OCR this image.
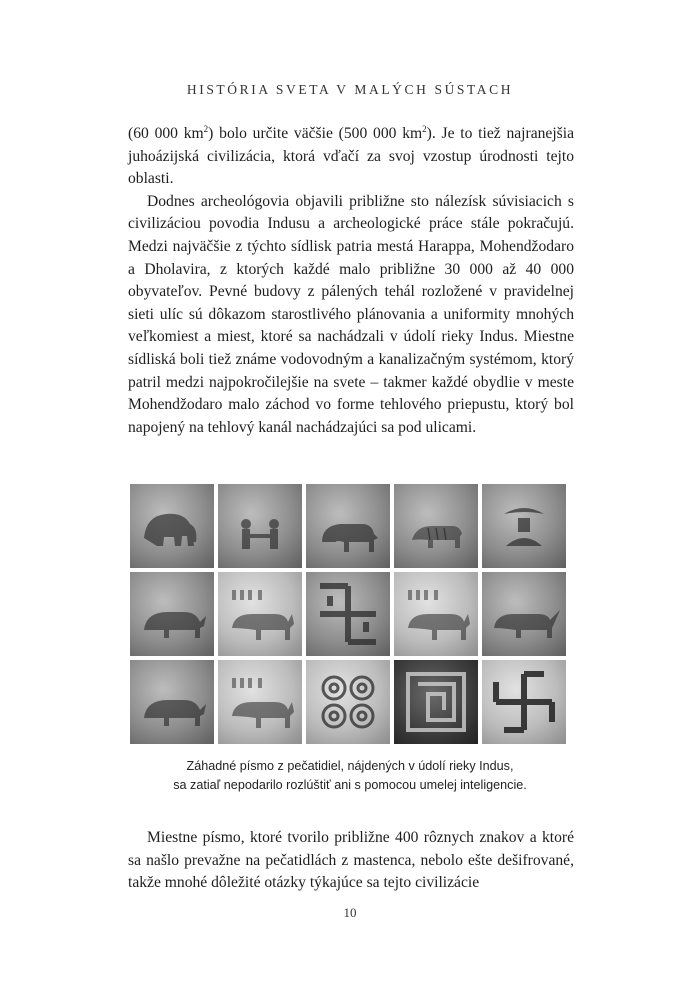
HISTÓRIA SVETA V MALÝCH SÚSTACH

(60 000 $km^2$) bolo určite väčšie (500 000 $km^2$). Je to tiež najranejšia juhoázijská civilizácia, ktorá vďačí za svoj vzostup úrodnosti tejto oblasti.

Dodnes archeológovia objavili približne sto nálezísk súvisiacich s civilizáciou povodia Indusu a archeologické práce stále pokračujú. Medzi najväčšie z týchto sídlisk patria mestá Harappa, Mohendžodaro a Dholavira, z ktorých každé malo približne 30 000 až 40 000 obyvateľov. Pevné budovy z pálených tehál rozložené v pravidelnej sieti ulíc sú dôkazom starostlivého plánovania a uniformity mnohých veľkomiest a miest, ktoré sa nachádzali v údolí rieky Indus. Miestne sídliská boli tiež známe vodovodným a kanalizačným systémom, ktorý patril medzi najpokročilejšie na svete – takmer každé obydlie v meste Mohendžodaro malo záchod vo forme tehlového priepustu, ktorý bol napojený na tehlový kanál nachádzajúci sa pod ulicami.

Záhadné písmo z pečatidiel, nájdených v údolí rieky Indus,
sa zatiaľ nepodarilo rozlúštiť ani s pomocou umelej inteligencie.

Miestne písmo, ktoré tvorilo približne 400 rôznych znakov a ktoré sa našlo prevažne na pečatidlách z mastenca, nebolo ešte dešifrované, takže mnohé dôležité otázky týkajúce sa tejto civilizácie

10
